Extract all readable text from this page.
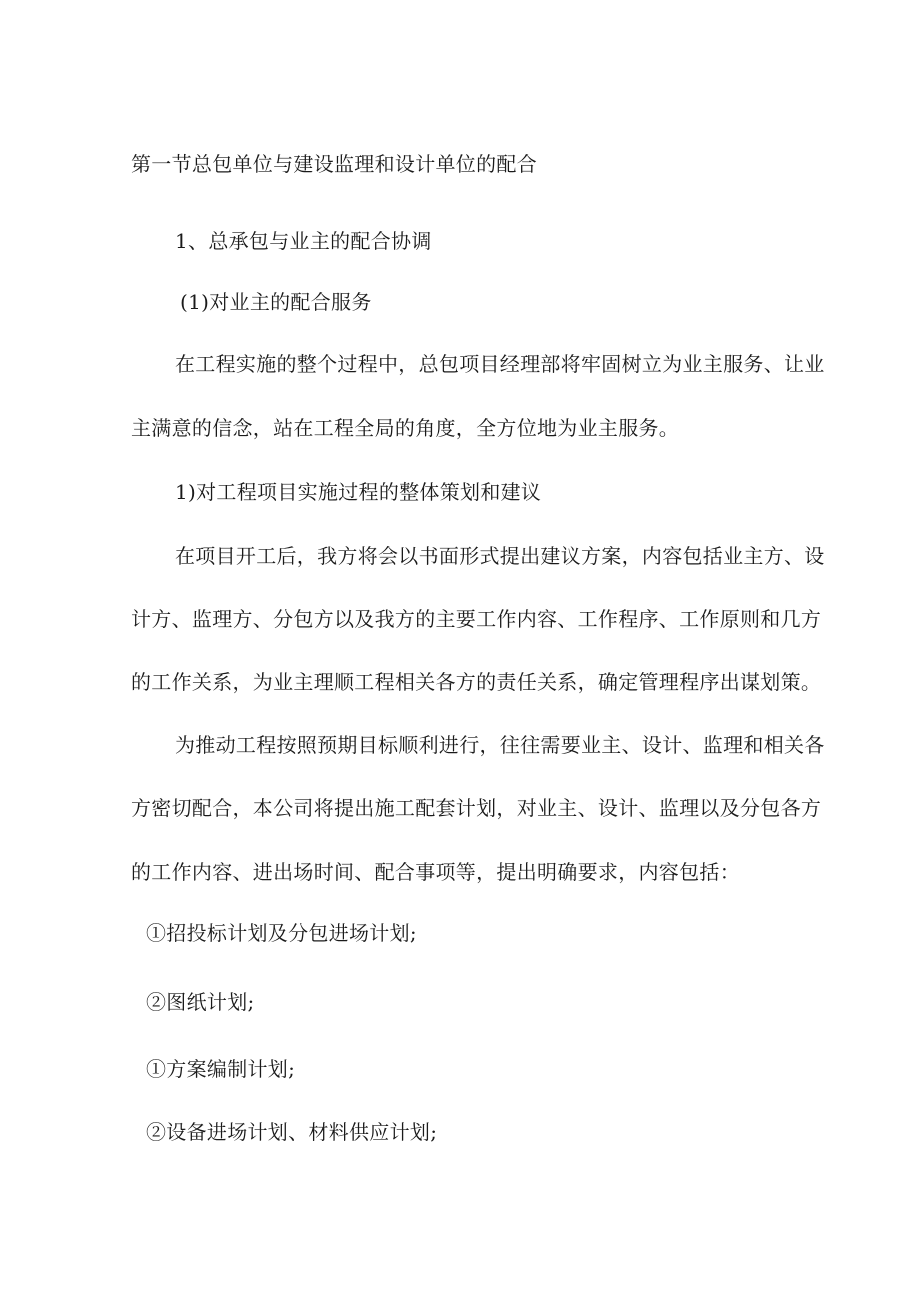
第一节总包单位与建设监理和设计单位的配合
1、总承包与业主的配合协调
(1)对业主的配合服务
在工程实施的整个过程中，总包项目经理部将牢固树立为业主服务、让业
主满意的信念，站在工程全局的角度，全方位地为业主服务。
1)对工程项目实施过程的整体策划和建议
在项目开工后，我方将会以书面形式提出建议方案，内容包括业主方、设
计方、监理方、分包方以及我方的主要工作内容、工作程序、工作原则和几方
的工作关系，为业主理顺工程相关各方的责任关系，确定管理程序出谋划策。
为推动工程按照预期目标顺利进行，往往需要业主、设计、监理和相关各
方密切配合，本公司将提出施工配套计划，对业主、设计、监理以及分包各方
的工作内容、进出场时间、配合事项等，提出明确要求，内容包括：
①招投标计划及分包进场计划;
②图纸计划;
①方案编制计划;
②设备进场计划、材料供应计划;
